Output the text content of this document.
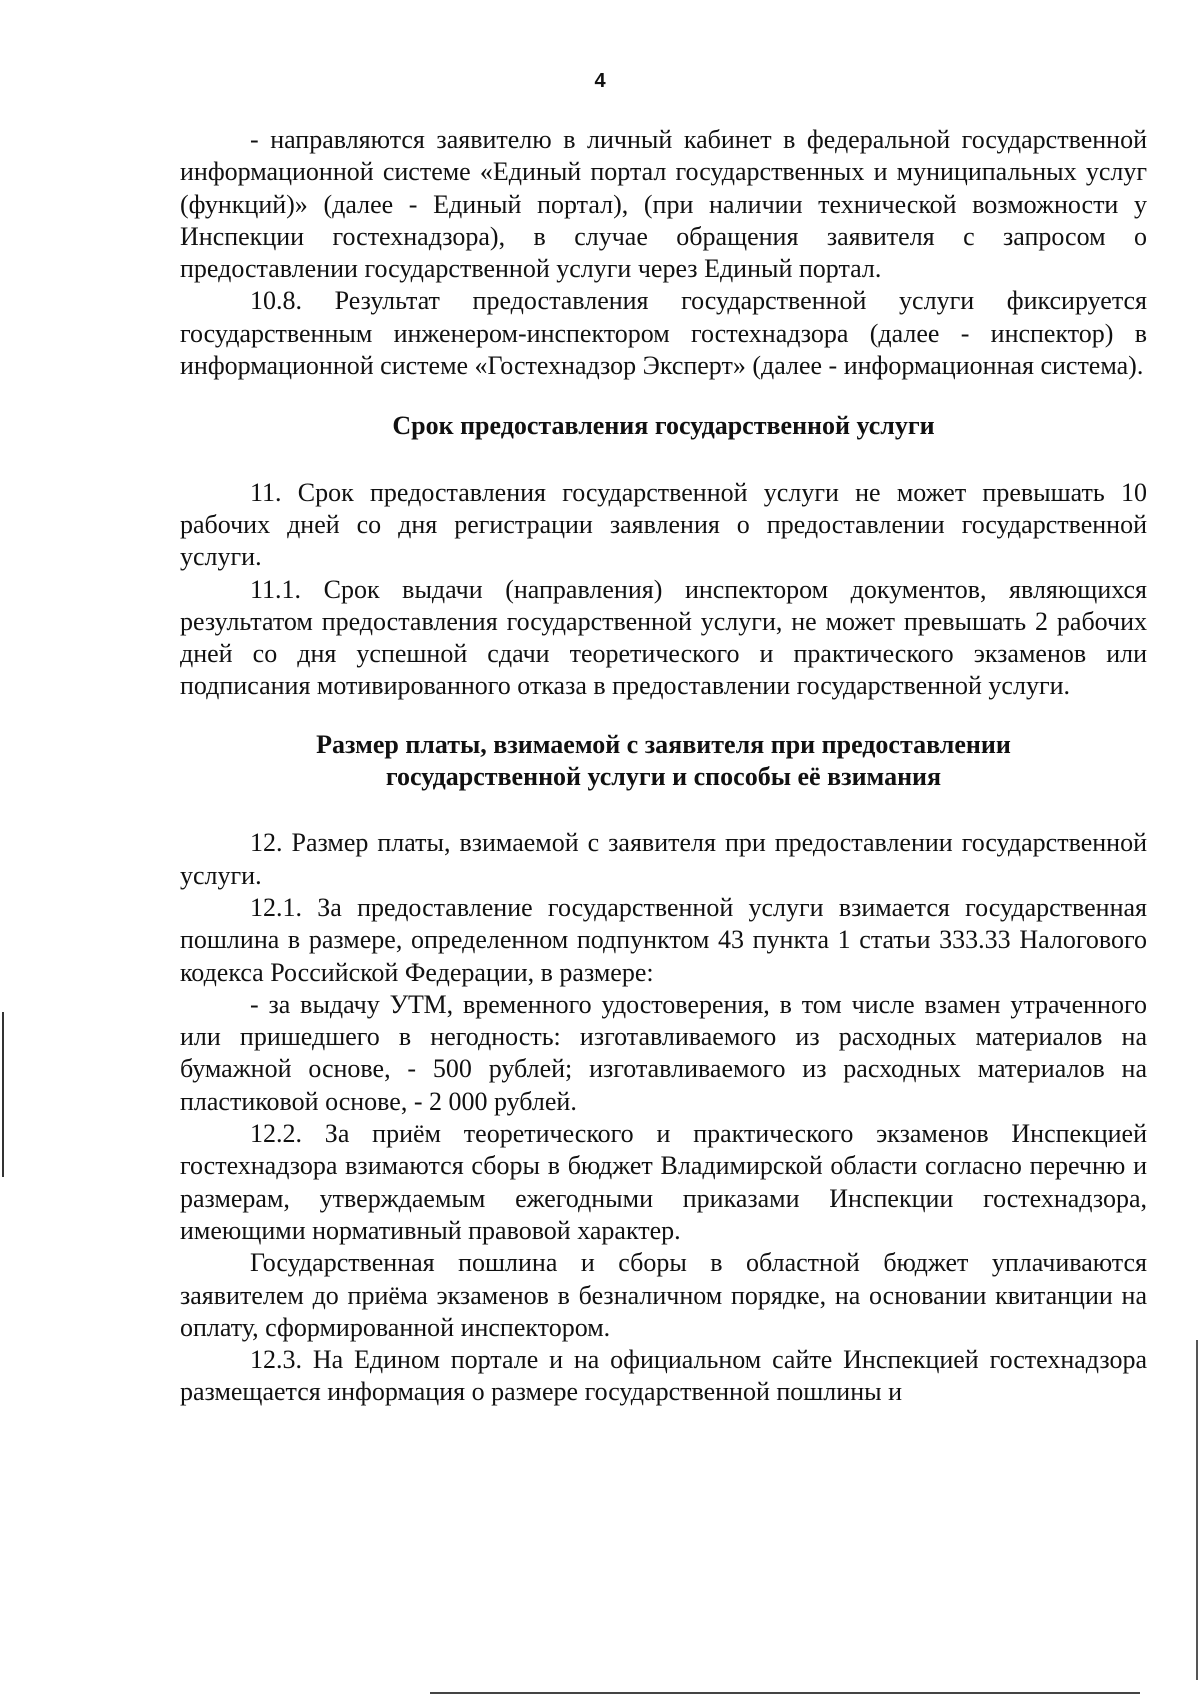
4

- направляются заявителю в личный кабинет в федеральной государственной информационной системе «Единый портал государственных и муниципальных услуг (функций)» (далее - Единый портал), (при наличии технической возможности у Инспекции гостехнадзора), в случае обращения заявителя с запросом о предоставлении государственной услуги через Единый портал.

10.8. Результат предоставления государственной услуги фиксируется государственным инженером-инспектором гостехнадзора (далее - инспектор) в информационной системе «Гостехнадзор Эксперт» (далее - информационная система).

Срок предоставления государственной услуги

11. Срок предоставления государственной услуги не может превышать 10 рабочих дней со дня регистрации заявления о предоставлении государственной услуги.

11.1. Срок выдачи (направления) инспектором документов, являющихся результатом предоставления государственной услуги, не может превышать 2 рабочих дней со дня успешной сдачи теоретического и практического экзаменов или подписания мотивированного отказа в предоставлении государственной услуги.

Размер платы, взимаемой с заявителя при предоставлении
государственной услуги и способы её взимания

12. Размер платы, взимаемой с заявителя при предоставлении государственной услуги.

12.1. За предоставление государственной услуги взимается государственная пошлина в размере, определенном подпунктом 43 пункта 1 статьи 333.33 Налогового кодекса Российской Федерации, в размере:

- за выдачу УТМ, временного удостоверения, в том числе взамен утраченного или пришедшего в негодность: изготавливаемого из расходных материалов на бумажной основе, - 500 рублей; изготавливаемого из расходных материалов на пластиковой основе, - 2 000 рублей.

12.2. За приём теоретического и практического экзаменов Инспекцией гостехнадзора взимаются сборы в бюджет Владимирской области согласно перечню и размерам, утверждаемым ежегодными приказами Инспекции гостехнадзора, имеющими нормативный правовой характер.

Государственная пошлина и сборы в областной бюджет уплачиваются заявителем до приёма экзаменов в безналичном порядке, на основании квитанции на оплату, сформированной инспектором.

12.3. На Едином портале и на официальном сайте Инспекцией гостехнадзора размещается информация о размере государственной пошлины и
